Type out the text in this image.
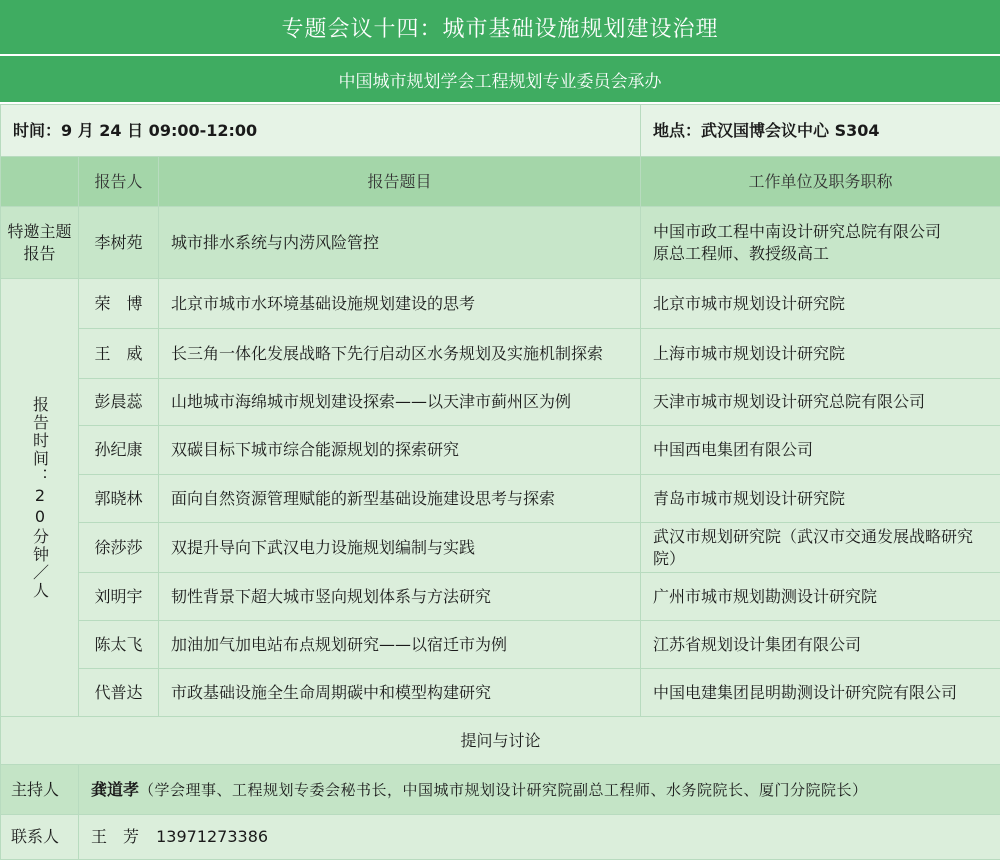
专题会议十四：城市基础设施规划建设治理
中国城市规划学会工程规划专业委员会承办
时间：9 月 24 日 09:00-12:00			地点：武汉国博会议中心 S304
	报告人	报告题目	工作单位及职务职称
特邀主题报告	李树苑	城市排水系统与内涝风险管控	中国市政工程中南设计研究总院有限公司
原总工程师、教授级高工

报告时间：20分钟／人	荣　博	北京市城市水环境基础设施规划建设的思考	北京市城市规划设计研究院
	王　威	长三角一体化发展战略下先行启动区水务规划及实施机制探索	上海市城市规划设计研究院
	彭晨蕊	山地城市海绵城市规划建设探索——以天津市蓟州区为例	天津市城市规划设计研究总院有限公司
	孙纪康	双碳目标下城市综合能源规划的探索研究	中国西电集团有限公司
	郭晓林	面向自然资源管理赋能的新型基础设施建设思考与探索	青岛市城市规划设计研究院
	徐莎莎	双提升导向下武汉电力设施规划编制与实践	武汉市规划研究院（武汉市交通发展战略研究院）
	刘明宇	韧性背景下超大城市竖向规划体系与方法研究	广州市城市规划勘测设计研究院
	陈太飞	加油加气加电站布点规划研究——以宿迁市为例	江苏省规划设计集团有限公司
	代普达	市政基础设施全生命周期碳中和模型构建研究	中国电建集团昆明勘测设计研究院有限公司
提问与讨论			
主持人	龚道孝（学会理事、工程规划专委会秘书长，中国城市规划设计研究院副总工程师、水务院院长、厦门分院院长）		
联系人	王　芳 13971273386		
